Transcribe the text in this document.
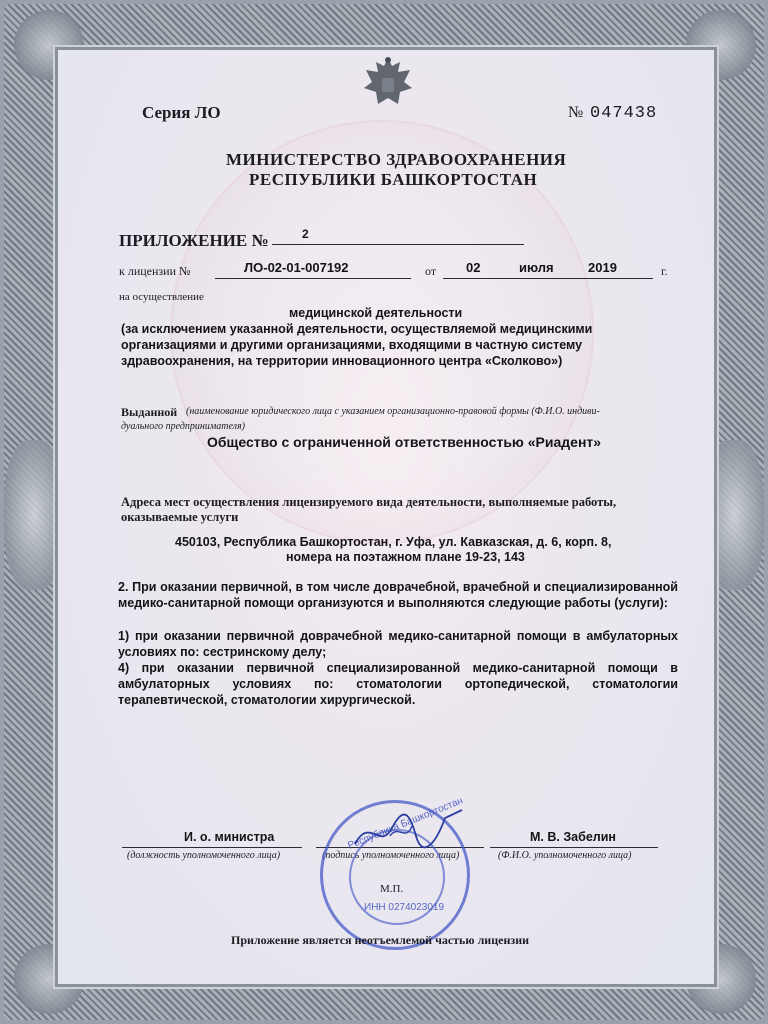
Серия ЛО	№ 047438
МИНИСТЕРСТВО ЗДРАВООХРАНЕНИЯ
РЕСПУБЛИКИ БАШКОРТОСТАН
ПРИЛОЖЕНИЕ №	2
к лицензии №	ЛО-02-01-007192	от 02	июля	2019	г.
на осуществление
медицинской деятельности
(за исключением указанной деятельности, осуществляемой медицинскими
организациями и другими организациями, входящими в частную систему
здравоохранения, на территории инновационного центра «Сколково»)
Выданной (наименование юридического лица с указанием организационно-правовой формы (Ф.И.О. индиви-
дуального предпринимателя)
Общество с ограниченной ответственностью «Риадент»
Адреса мест осуществления лицензируемого вида деятельности, выполняемые работы,
оказываемые услуги
450103, Республика Башкортостан, г. Уфа, ул. Кавказская, д. 6, корп. 8,
номера на поэтажном плане 19-23, 143
2. При оказании первичной, в том числе доврачебной, врачебной и специализированной медико-санитарной помощи организуются и выполняются следующие работы (услуги):
1) при оказании первичной доврачебной медико-санитарной помощи в амбулаторных условиях по: сестринскому делу;
4) при оказании первичной специализированной медико-санитарной помощи в амбулаторных условиях по: стоматологии ортопедической, стоматологии терапевтической, стоматологии хирургической.
И. о. министра
(должность уполномоченного лица)	(подпись уполномоченного лица)
М. В. Забелин
(Ф.И.О. уполномоченного лица)
Республика Башкортостан
ИНН 0274023019
М.П.
Приложение является неотъемлемой частью лицензии
